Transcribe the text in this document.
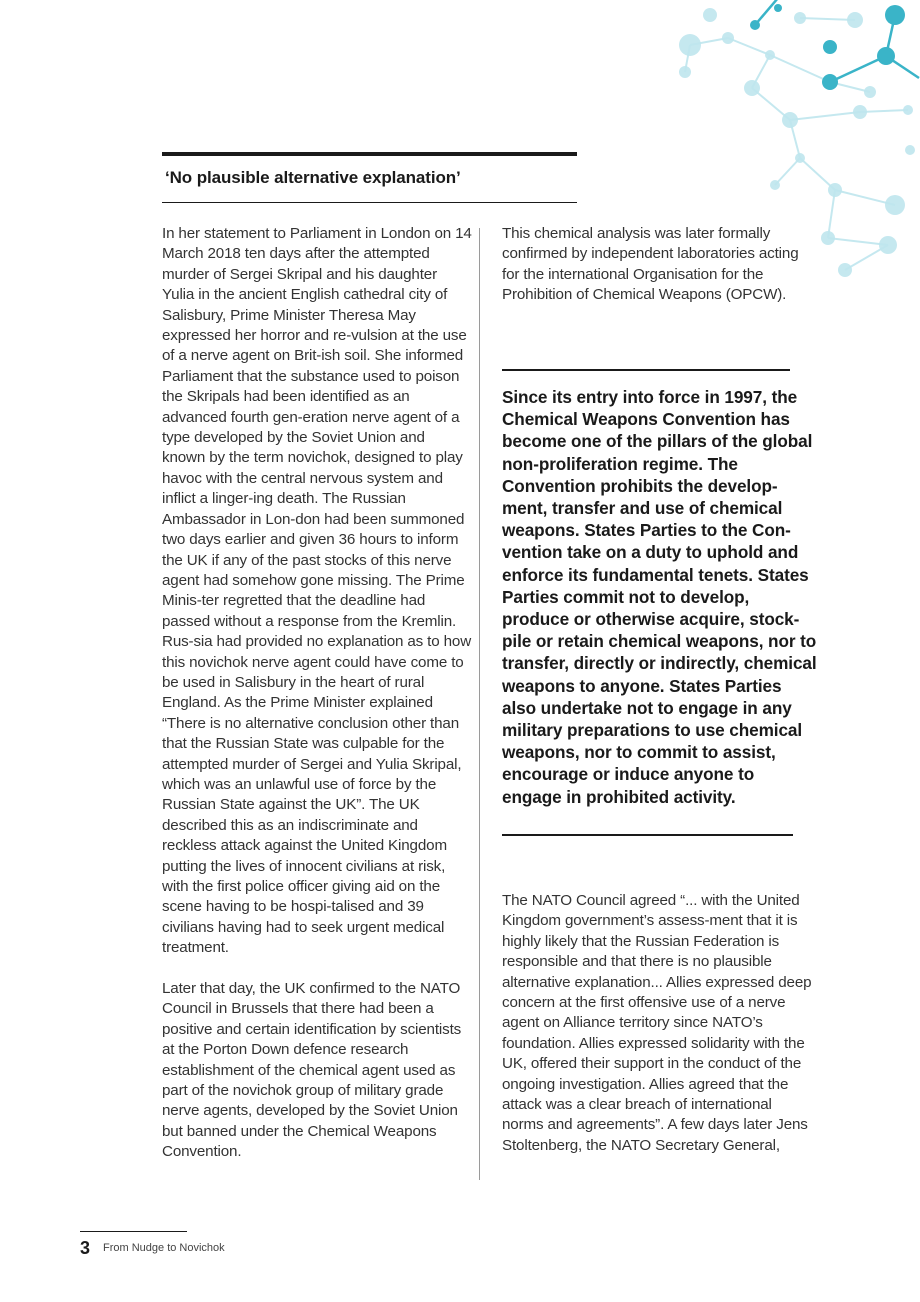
‘No plausible alternative explanation’

In her statement to Parliament in London on 14 March 2018 ten days after the attempted murder of Sergei Skripal and his daughter Yulia in the ancient English cathedral city of Salisbury, Prime Minister Theresa May expressed her horror and re-vulsion at the use of a nerve agent on Brit-ish soil. She informed Parliament that the substance used to poison the Skripals had been identified as an advanced fourth gen-eration nerve agent of a type developed by the Soviet Union and known by the term novichok, designed to play havoc with the central nervous system and inflict a linger-ing death. The Russian Ambassador in Lon-don had been summoned two days earlier and given 36 hours to inform the UK if any of the past stocks of this nerve agent had somehow gone missing. The Prime Minis-ter regretted that the deadline had passed without a response from the Kremlin. Rus-sia had provided no explanation as to how this novichok nerve agent could have come to be used in Salisbury in the heart of rural England. As the Prime Minister explained “There is no alternative conclusion other than that the Russian State was culpable for the attempted murder of Sergei and Yulia Skripal, which was an unlawful use of force by the Russian State against the UK”. The UK described this as an indiscriminate and reckless attack against the United Kingdom putting the lives of innocent civilians at risk, with the first police officer giving aid on the scene having to be hospi-talised and 39 civilians having had to seek urgent medical treatment.

Later that day, the UK confirmed to the NATO Council in Brussels that there had been a positive and certain identification by scientists at the Porton Down defence research establishment of the chemical agent used as part of the novichok group of military grade nerve agents, developed by the Soviet Union but banned under the Chemical Weapons Convention.

This chemical analysis was later formally confirmed by independent laboratories acting for the international Organisation for the Prohibition of Chemical Weapons (OPCW).

Since its entry into force in 1997, the Chemical Weapons Convention has become one of the pillars of the global non-proliferation regime. The Convention prohibits the develop-ment, transfer and use of chemical weapons. States Parties to the Con-vention take on a duty to uphold and enforce its fundamental tenets. States Parties commit not to develop, produce or otherwise acquire, stock-pile or retain chemical weapons, nor to transfer, directly or indirectly, chemical weapons to anyone. States Parties also undertake not to engage in any military preparations to use chemical weapons, nor to commit to assist, encourage or induce anyone to engage in prohibited activity.

The NATO Council agreed “... with the United Kingdom government’s assess-ment that it is highly likely that the Russian Federation is responsible and that there is no plausible alternative explanation... Allies expressed deep concern at the first offensive use of a nerve agent on Alliance territory since NATO’s foundation. Allies expressed solidarity with the UK, offered their support in the conduct of the ongoing investigation. Allies agreed that the attack was a clear breach of international norms and agreements”. A few days later Jens Stoltenberg, the NATO Secretary General,

3 From Nudge to Novichok
